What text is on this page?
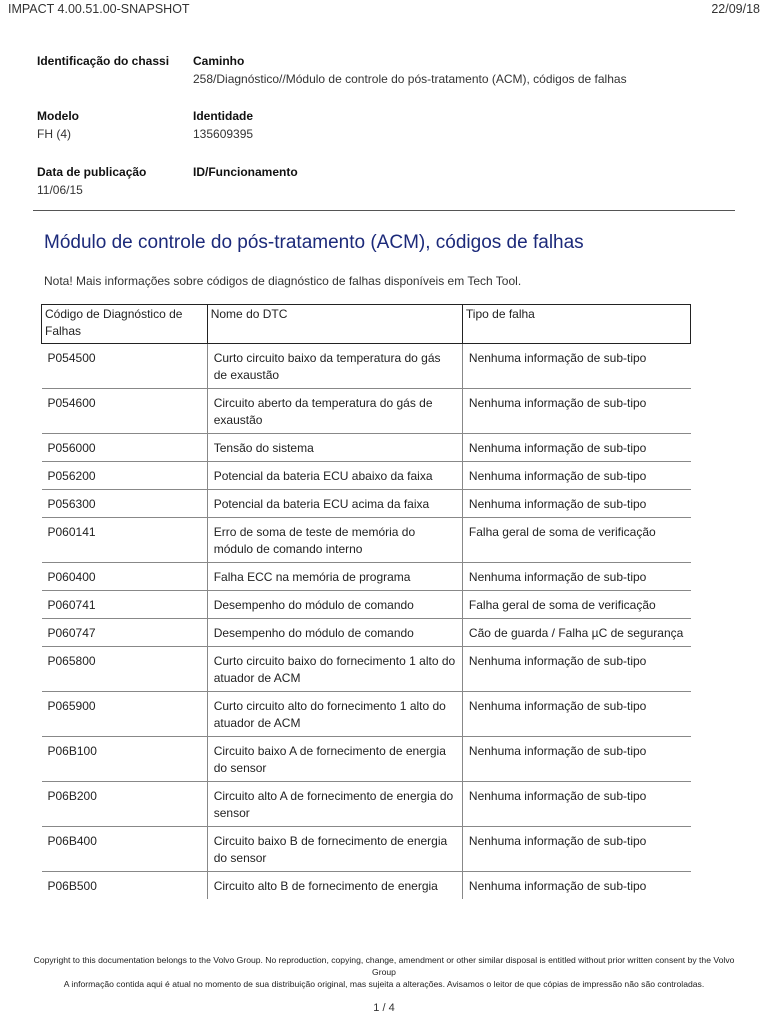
IMPACT 4.00.51.00-SNAPSHOT	22/09/18
Identificação do chassi Caminho
258/Diagnóstico//Módulo de controle do pós-tratamento (ACM), códigos de falhas
Modelo
FH (4)
Identidade
135609395
Data de publicação
11/06/15
ID/Funcionamento
Módulo de controle do pós-tratamento (ACM), códigos de falhas
Nota! Mais informações sobre códigos de diagnóstico de falhas disponíveis em Tech Tool.
Código de Diagnóstico de Falhas	Nome do DTC	Tipo de falha
P054500	Curto circuito baixo da temperatura do gás de exaustão	Nenhuma informação de sub-tipo
P054600	Circuito aberto da temperatura do gás de exaustão	Nenhuma informação de sub-tipo
P056000	Tensão do sistema	Nenhuma informação de sub-tipo
P056200	Potencial da bateria ECU abaixo da faixa	Nenhuma informação de sub-tipo
P056300	Potencial da bateria ECU acima da faixa	Nenhuma informação de sub-tipo
P060141	Erro de soma de teste de memória do módulo de comando interno	Falha geral de soma de verificação
P060400	Falha ECC na memória de programa	Nenhuma informação de sub-tipo
P060741	Desempenho do módulo de comando	Falha geral de soma de verificação
P060747	Desempenho do módulo de comando	Cão de guarda / Falha µC de segurança
P065800	Curto circuito baixo do fornecimento 1 alto do atuador de ACM	Nenhuma informação de sub-tipo
P065900	Curto circuito alto do fornecimento 1 alto do atuador de ACM	Nenhuma informação de sub-tipo
P06B100	Circuito baixo A de fornecimento de energia do sensor	Nenhuma informação de sub-tipo
P06B200	Circuito alto A de fornecimento de energia do sensor	Nenhuma informação de sub-tipo
P06B400	Circuito baixo B de fornecimento de energia do sensor	Nenhuma informação de sub-tipo
P06B500	Circuito alto B de fornecimento de energia	Nenhuma informação de sub-tipo
Copyright to this documentation belongs to the Volvo Group. No reproduction, copying, change, amendment or other similar disposal is entitled without prior written consent by the Volvo Group
A informação contida aqui é atual no momento de sua distribuição original, mas sujeita a alterações. Avisamos o leitor de que cópias de impressão não são controladas.
1 / 4
